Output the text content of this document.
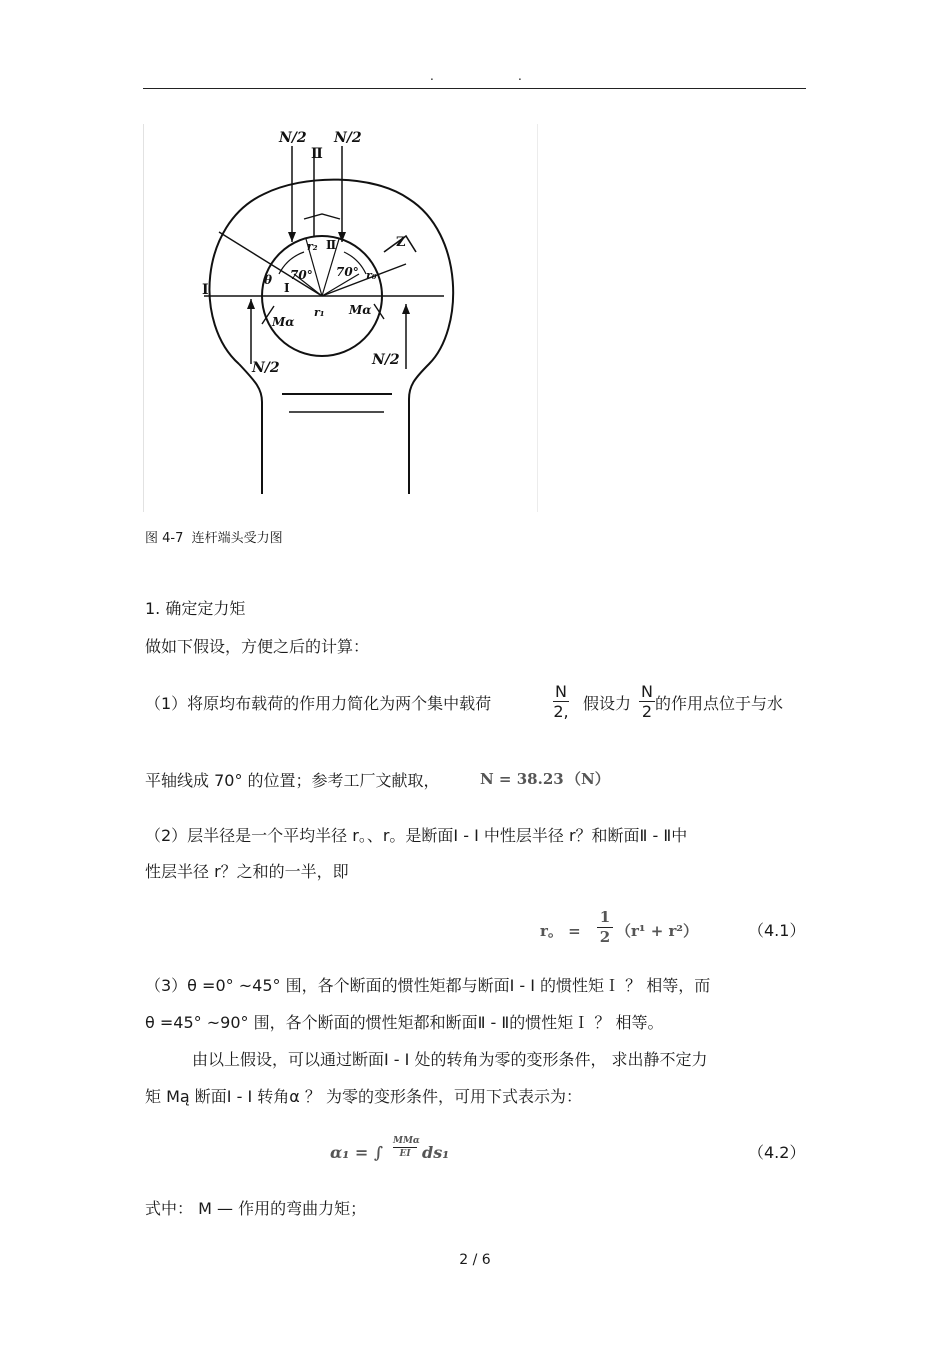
.	.
N/2 N/2
Ⅱ
I
Ⅱ
I
70° 70°
θ
r₂
r₁
r₀
Mα
Mα
N/2	N/2
Z
图 4-7 连杆端头受力图
1. 确定定力矩
做如下假设，方便之后的计算：
（1）将原均布载荷的作用力简化为两个集中载荷
N
2, 假设力
N
2 的作用点位于与水
平轴线成 70° 的位置；参考工厂文献取，	N = 38.23 （N）
（2）层半径是一个平均半径 r。、r。是断面I - I 中性层半径 r？和断面Ⅱ - Ⅱ中
性层半径 r？之和的一半，即
r。 =
1
2 （r¹ + r²）	（4.1）
（3）θ =0° ~45° 围，各个断面的惯性矩都与断面I - I 的惯性矩Ｉ ？ 相等，而
θ =45° ~90° 围，各个断面的惯性矩都和断面Ⅱ - Ⅱ的惯性矩Ｉ ？ 相等。
由以上假设，可以通过断面I - I 处的转角为零的变形条件， 求出静不定力
矩 Mą 断面I - I 转角α ？ 为零的变形条件，可用下式表示为：
α₁ = ∫
MMα
EI ds₁	（4.2）
式中： M — 作用的弯曲力矩；
2 / 6
